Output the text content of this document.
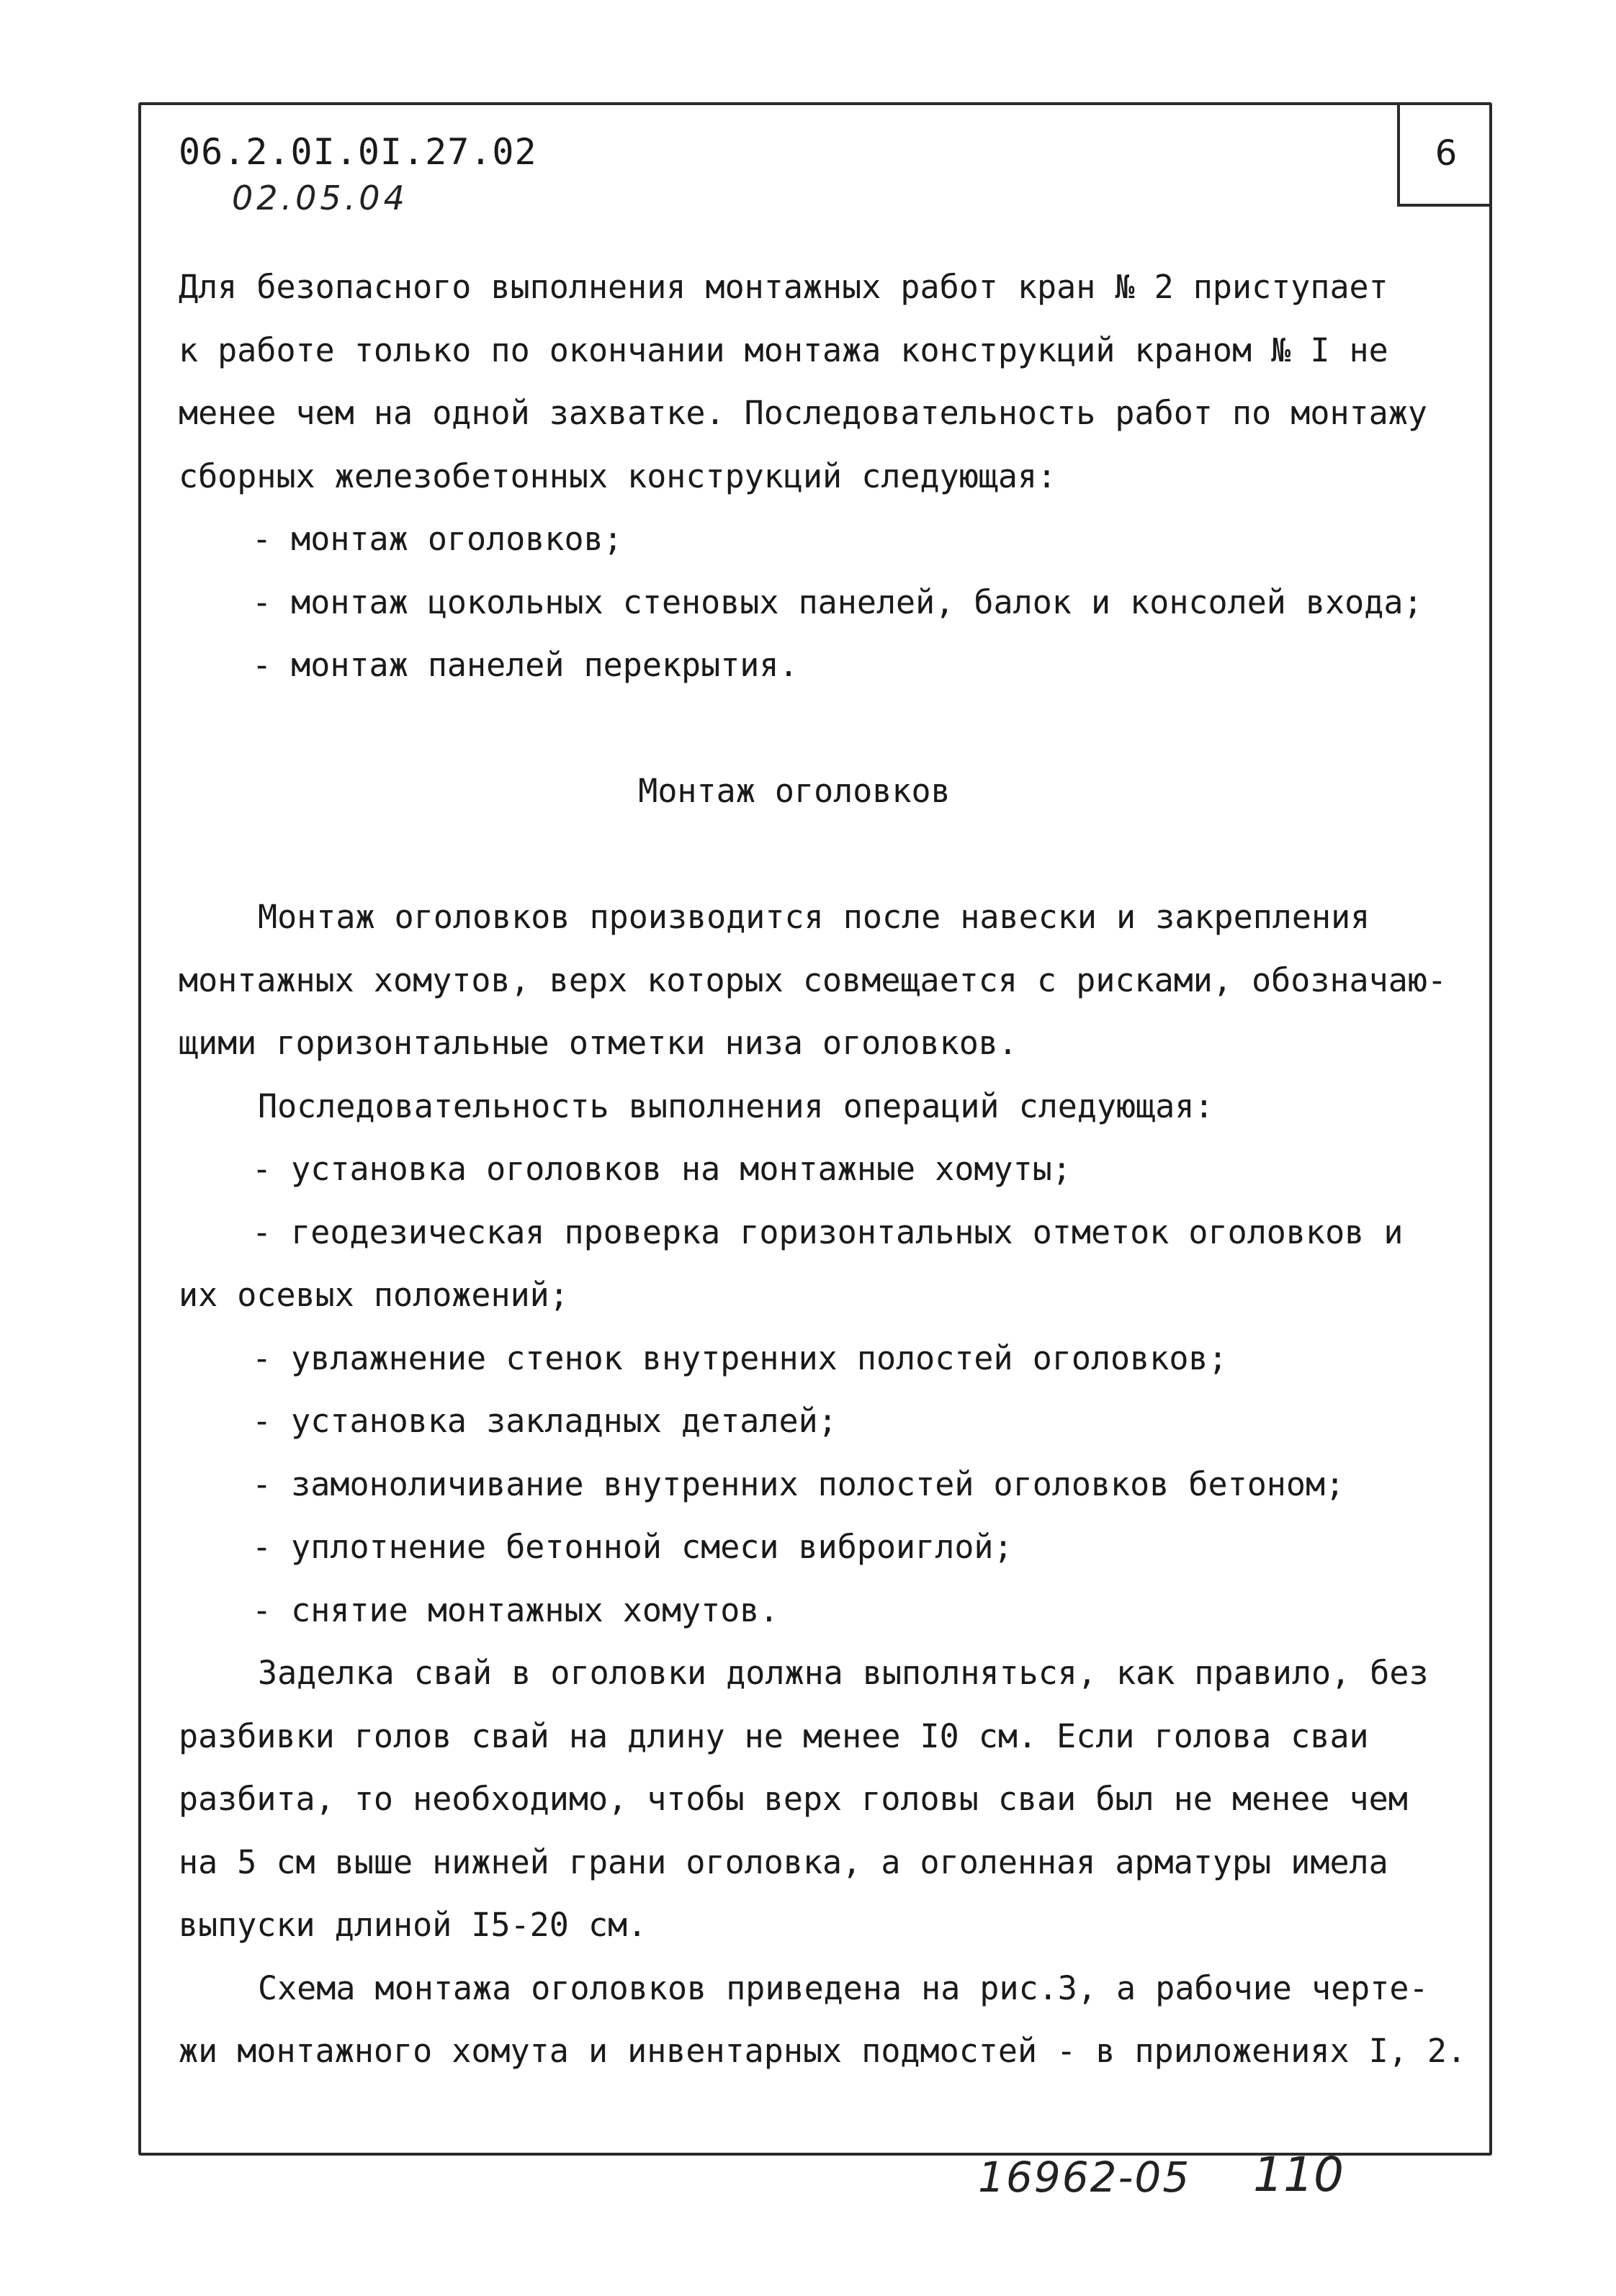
6
06.2.0I.0I.27.02
02.05.04
Для безопасного выполнения монтажных работ кран № 2 приступает
к работе только по окончании монтажа конструкций краном № I не
менее чем на одной захватке. Последовательность работ по монтажу
сборных железобетонных конструкций следующая:
- монтаж оголовков;
- монтаж цокольных стеновых панелей, балок и консолей входа;
- монтаж панелей перекрытия.
Монтаж оголовков
Монтаж оголовков производится после навески и закрепления
монтажных хомутов, верх которых совмещается с рисками, обозначаю-
щими горизонтальные отметки низа оголовков.
Последовательность выполнения операций следующая:
- установка оголовков на монтажные хомуты;
- геодезическая проверка горизонтальных отметок оголовков и
их осевых положений;
- увлажнение стенок внутренних полостей оголовков;
- установка закладных деталей;
- замоноличивание внутренних полостей оголовков бетоном;
- уплотнение бетонной смеси виброиглой;
- снятие монтажных хомутов.
Заделка свай в оголовки должна выполняться, как правило, без
разбивки голов свай на длину не менее I0 см. Если голова сваи
разбита, то необходимо, чтобы верх головы сваи был не менее чем
на 5 см выше нижней грани оголовка, а оголенная арматуры имела
выпуски длиной I5-20 см.
Схема монтажа оголовков приведена на рис.3, а рабочие черте-
жи монтажного хомута и инвентарных подмостей - в приложениях I, 2.
16962-05 110
